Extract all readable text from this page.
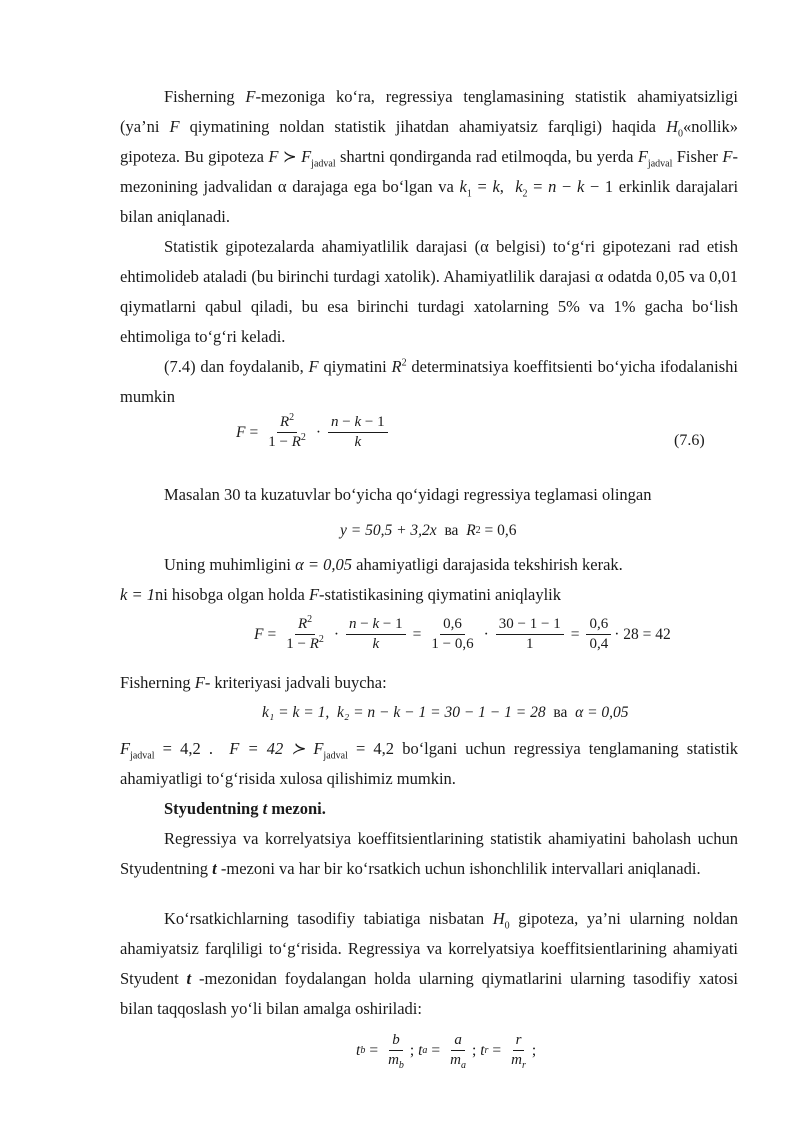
Fisherning F-mezoniga ko‘ra, regressiya tenglamasining statistik ahamiyatsizligi (ya’ni F qiymatining noldan statistik jihatdan ahamiyatsiz farqligi) haqida $H_0«nollik$» gipoteza. Bu gipoteza F ≻ $F_{jadval}$ shartni qondirganda rad etilmoqda, bu yerda $F_{jadval}$ Fisher F-mezonining jadvalidan α darajaga ega bo‘lgan va $k_1 = k$,  $k_2 = n - k - 1$ erkinlik darajalari bilan aniqlanadi.

Statistik gipotezalarda ahamiyatlilik darajasi (α belgisi) to‘g‘ri gipotezani rad etish ehtimolideb ataladi (bu birinchi turdagi xatolik). Ahamiyatlilik darajasi α odatda 0,05 va 0,01 qiymatlarni qabul qiladi, bu esa birinchi turdagi xatolarning 5% va 1% gacha bo‘lish ehtimoliga to‘g‘ri keladi.

(7.4) dan foydalanib, F qiymatini $R^2$ determinatsiya koeffitsienti bo‘yicha ifodalanishi mumkin

$F = \frac{R^2}{1 - R^2} \cdot \frac{n - k - 1}{k}$	(7.6)

Masalan 30 ta kuzatuvlar bo‘yicha qo‘yidagi regressiya teglamasi olingan

y = 50,5 + 3,2x
ва
R 2
= 0,6

Uning muhimligini α = 0,05 ahamiyatligi darajasida tekshirish kerak.

k = 1ni hisobga olgan holda F-statistikasining qiymatini aniqlaylik

$F = \frac{R^2}{1 - R^2} \cdot \frac{n - k - 1}{k} = \frac{0,6}{1 - 0,6} \cdot \frac{30 - 1 - 1}{1} = \frac{0,6}{0,4} \cdot 28 = 42$

Fisherning F- kriteriyasi jadvali buycha:

k₁ = k = 1,
k₂ = n − k − 1 = 30 − 1 − 1 = 28
ва
α = 0,05

$F_{jadval} = 4,2$ . F = 42 ≻ $F_{jadval} = 4,2$ bo‘lgani uchun regressiya tenglamaning statistik ahamiyatligi to‘g‘risida xulosa qilishimiz mumkin.

Styudentning t mezoni.

Regressiya va korrelyatsiya koeffitsientlarining statistik ahamiyatini baholash uchun Styudentning t -mezoni va har bir ko‘rsatkich uchun ishonchlilik intervallari aniqlanadi.

Ko‘rsatkichlarning tasodifiy tabiatiga nisbatan $H_0$ gipoteza, ya’ni ularning noldan ahamiyatsiz farqliligi to‘g‘risida. Regressiya va korrelyatsiya koeffitsientlarining ahamiyati Styudent t -mezonidan foydalangan holda ularning qiymatlarini ularning tasodifiy xatosi bilan taqqoslash yo‘li bilan amalga oshiriladi:

t $b = \frac{b}{m_b}$ ; t $a = \frac{a}{m_a}$ ; t $r = \frac{r}{m_r}$ ;
